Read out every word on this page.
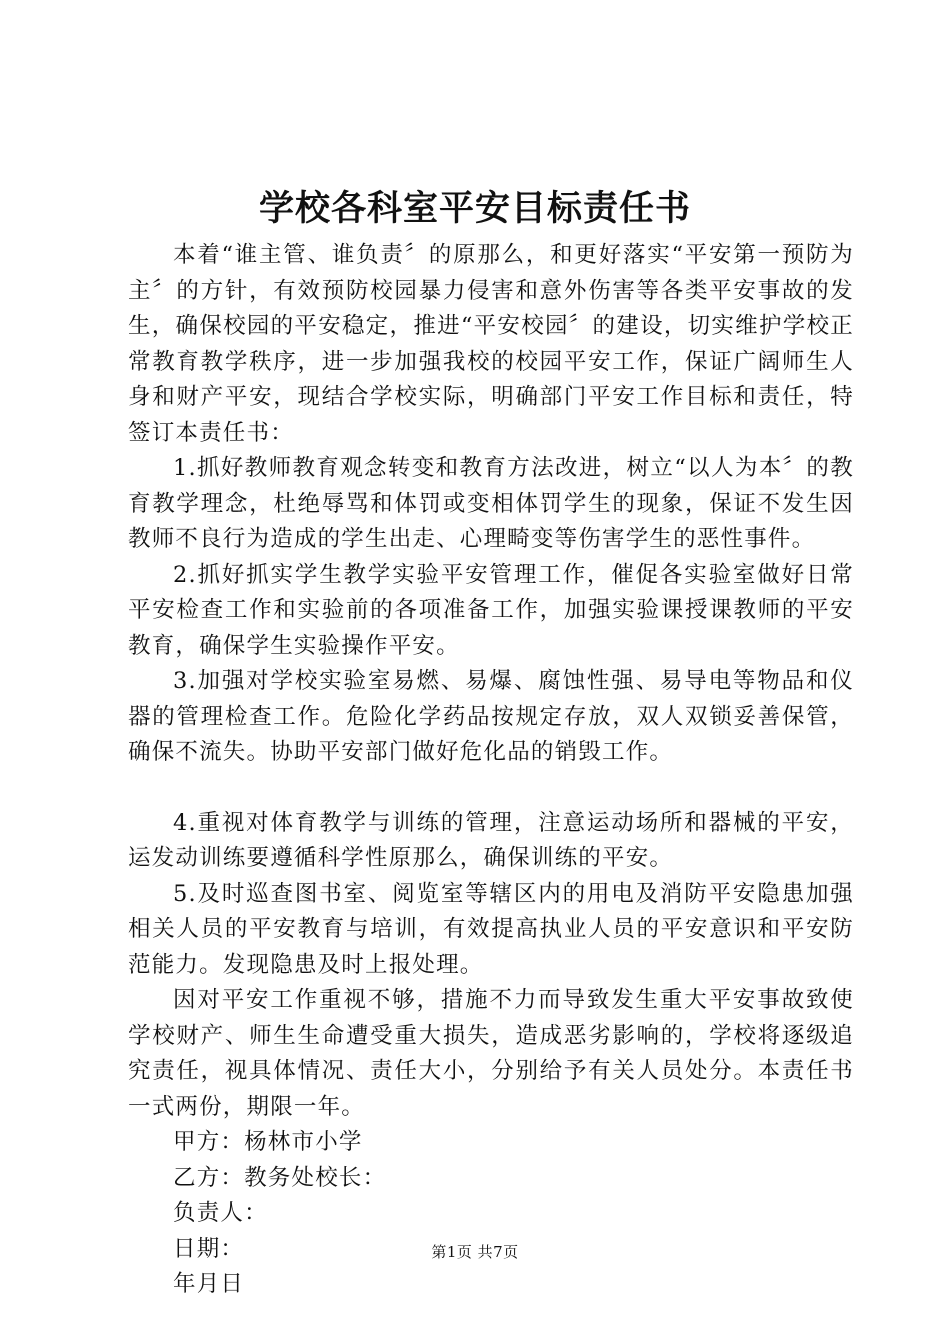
学校各科室平安目标责任书

本着“谁主管、谁负责〞的原那么，和更好落实“平安第一预防为主〞的方针，有效预防校园暴力侵害和意外伤害等各类平安事故的发生，确保校园的平安稳定，推进“平安校园〞的建设，切实维护学校正常教育教学秩序，进一步加强我校的校园平安工作，保证广阔师生人身和财产平安，现结合学校实际，明确部门平安工作目标和责任，特签订本责任书：

1.抓好教师教育观念转变和教育方法改进，树立“以人为本〞的教育教学理念，杜绝辱骂和体罚或变相体罚学生的现象，保证不发生因教师不良行为造成的学生出走、心理畸变等伤害学生的恶性事件。

2.抓好抓实学生教学实验平安管理工作，催促各实验室做好日常平安检查工作和实验前的各项准备工作，加强实验课授课教师的平安教育，确保学生实验操作平安。

3.加强对学校实验室易燃、易爆、腐蚀性强、易导电等物品和仪器的管理检查工作。危险化学药品按规定存放，双人双锁妥善保管，确保不流失。协助平安部门做好危化品的销毁工作。

4.重视对体育教学与训练的管理，注意运动场所和器械的平安，运发动训练要遵循科学性原那么，确保训练的平安。

5.及时巡查图书室、阅览室等辖区内的用电及消防平安隐患加强相关人员的平安教育与培训，有效提高执业人员的平安意识和平安防范能力。发现隐患及时上报处理。

因对平安工作重视不够，措施不力而导致发生重大平安事故致使学校财产、师生生命遭受重大损失，造成恶劣影响的，学校将逐级追究责任，视具体情况、责任大小，分别给予有关人员处分。本责任书一式两份，期限一年。

甲方：杨林市小学

乙方：教务处校长：

负责人：

日期：

年月日

第1页 共7页
